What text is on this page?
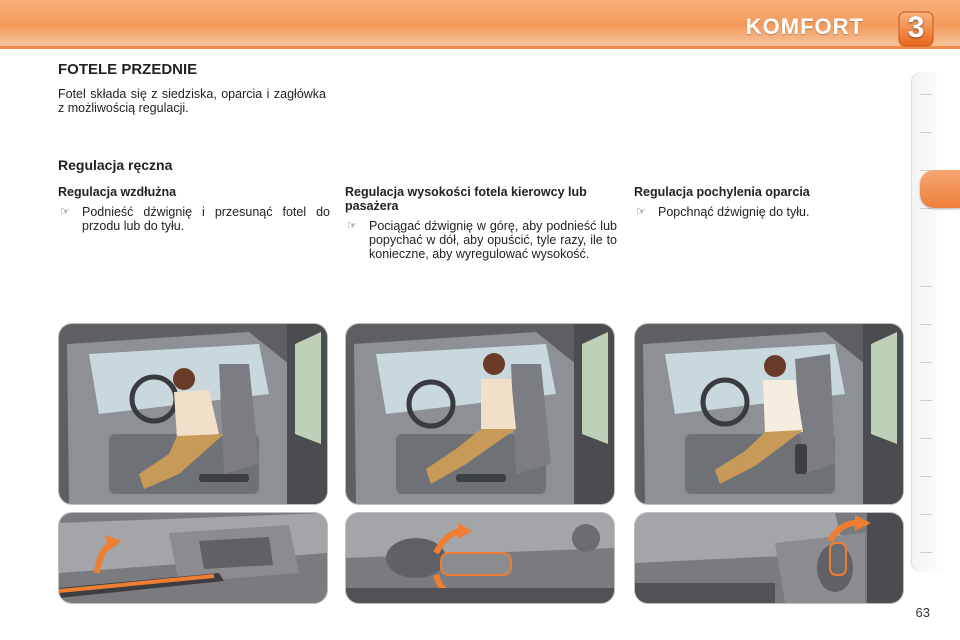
KOMFORT	3
FOTELE PRZEDNIE

Fotel składa się z siedziska, oparcia i zagłówka z możliwością regulacji.

Regulacja ręczna
Regulacja wzdłużna
☞ Podnieść dźwignię i przesunąć fotel do przodu lub do tyłu.
Regulacja wysokości fotela kierowcy lub pasażera
☞ Pociągać dźwignię w górę, aby podnieść lub popychać w dół, aby opuścić, tyle razy, ile to konieczne, aby wyregulować wysokość.
Regulacja pochylenia oparcia
☞ Popchnąć dźwignię do tyłu.
63
